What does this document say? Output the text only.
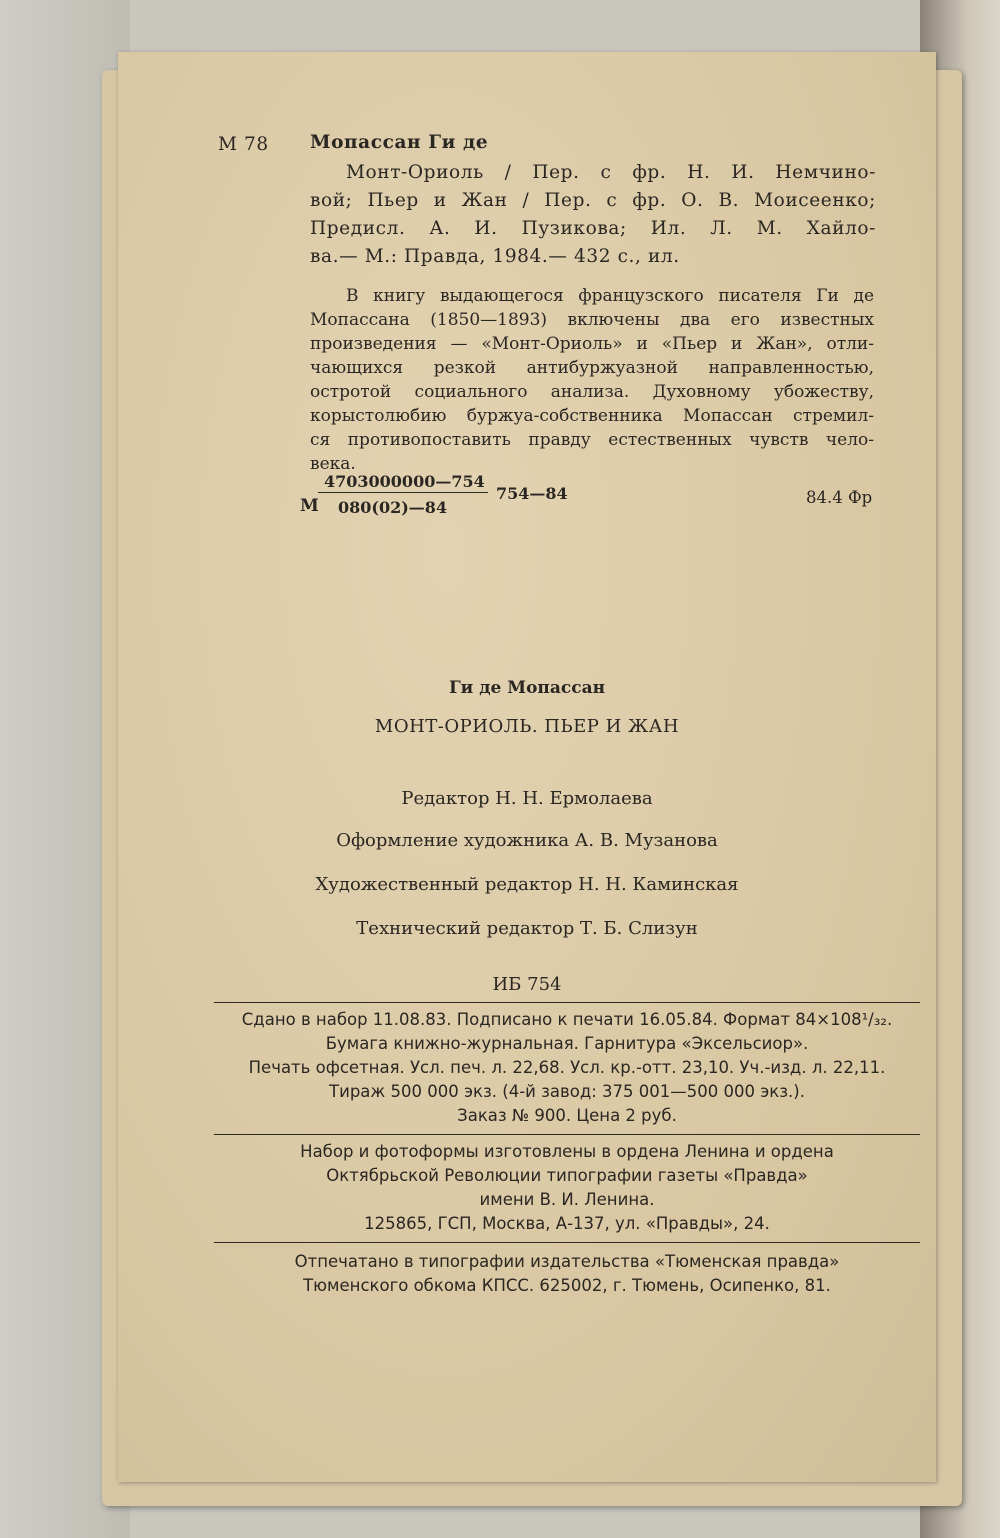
М 78 Мопассан Ги де
Монт-Ориоль / Пер. с фр. Н. И. Немчино-
вой; Пьер и Жан / Пер. с фр. О. В. Моисеенко;
Предисл. А. И. Пузикова; Ил. Л. М. Хайло-
ва.— М.: Правда, 1984.— 432 с., ил.
В книгу выдающегося французского писателя Ги де
Мопассана (1850—1893) включены два его известных
произведения — «Монт-Ориоль» и «Пьер и Жан», отли-
чающихся резкой антибуржуазной направленностью,
остротой социального анализа. Духовному убожеству,
корыстолюбию буржуа-собственника Мопассан стремил-
ся противопоставить правду естественных чувств чело-
века.
М
4703000000—754
080(02)—84
754—84	84.4 Фр
Ги де Мопассан
МОНТ-ОРИОЛЬ. ПЬЕР И ЖАН
Редактор Н. Н. Ермолаева
Оформление художника А. В. Музанова
Художественный редактор Н. Н. Каминская
Технический редактор Т. Б. Слизун
ИБ 754
Сдано в набор 11.08.83. Подписано к печати 16.05.84. Формат 84×108¹/₃₂.
Бумага книжно-журнальная. Гарнитура «Эксельсиор».
Печать офсетная. Усл. печ. л. 22,68. Усл. кр.-отт. 23,10. Уч.-изд. л. 22,11.
Тираж 500 000 экз. (4-й завод: 375 001—500 000 экз.).
Заказ № 900. Цена 2 руб.
Набор и фотоформы изготовлены в ордена Ленина и ордена
Октябрьской Революции типографии газеты «Правда»
имени В. И. Ленина.
125865, ГСП, Москва, А-137, ул. «Правды», 24.
Отпечатано в типографии издательства «Тюменская правда»
Тюменского обкома КПСС. 625002, г. Тюмень, Осипенко, 81.
